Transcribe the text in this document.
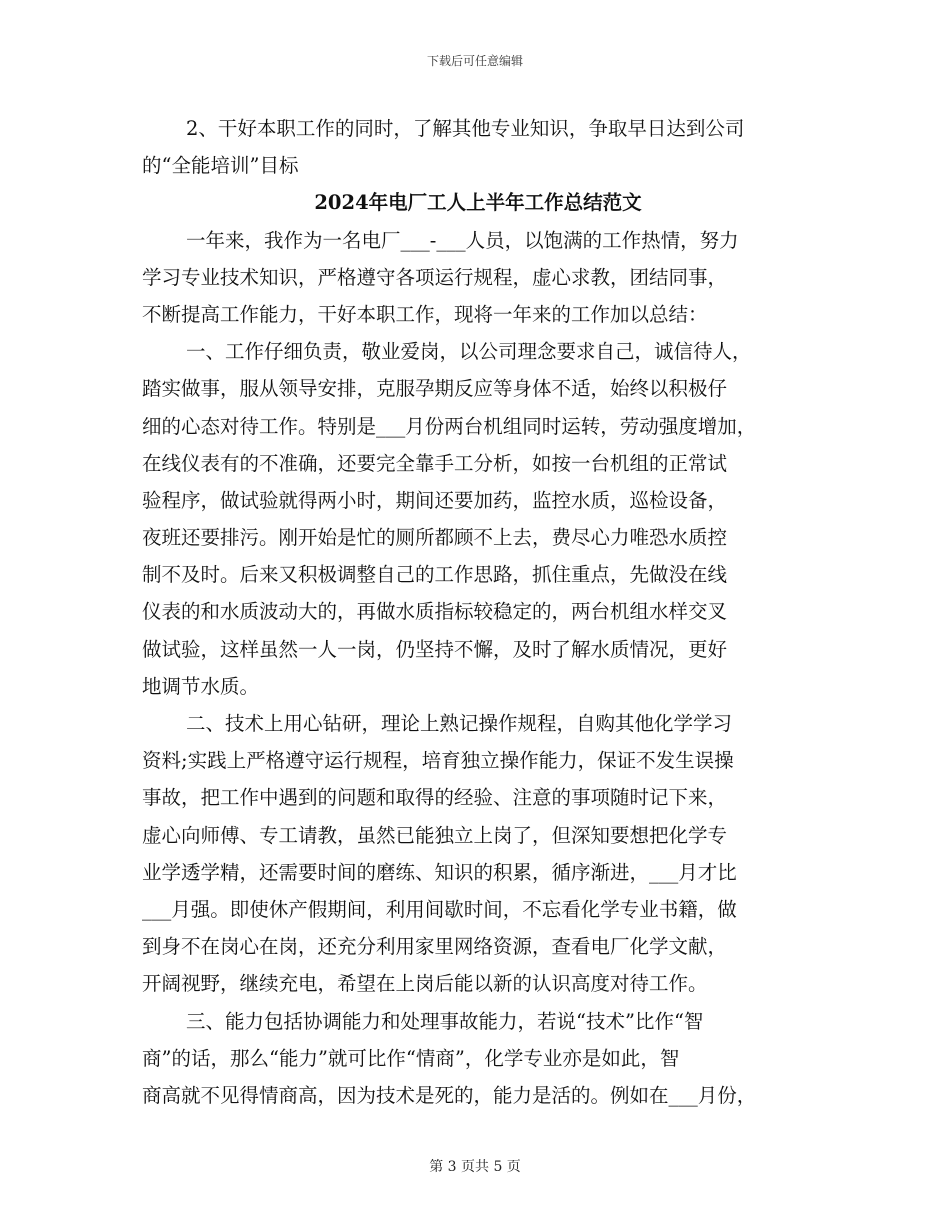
下载后可任意编辑
2、干好本职工作的同时，了解其他专业知识，争取早日达到公司
的“全能培训”目标
2024年电厂工人上半年工作总结范文
一年来，我作为一名电厂___-___人员，以饱满的工作热情，努力
学习专业技术知识，严格遵守各项运行规程，虚心求教，团结同事，
不断提高工作能力，干好本职工作，现将一年来的工作加以总结：
一、工作仔细负责，敬业爱岗，以公司理念要求自己，诚信待人，
踏实做事，服从领导安排，克服孕期反应等身体不适，始终以积极仔
细的心态对待工作。特别是___月份两台机组同时运转，劳动强度增加，
在线仪表有的不准确，还要完全靠手工分析，如按一台机组的正常试
验程序，做试验就得两小时，期间还要加药，监控水质，巡检设备，
夜班还要排污。刚开始是忙的厕所都顾不上去，费尽心力唯恐水质控
制不及时。后来又积极调整自己的工作思路，抓住重点，先做没在线
仪表的和水质波动大的，再做水质指标较稳定的，两台机组水样交叉
做试验，这样虽然一人一岗，仍坚持不懈，及时了解水质情况，更好
地调节水质。
二、技术上用心钻研，理论上熟记操作规程，自购其他化学学习
资料;实践上严格遵守运行规程，培育独立操作能力，保证不发生误操
事故，把工作中遇到的问题和取得的经验、注意的事项随时记下来，
虚心向师傅、专工请教，虽然已能独立上岗了，但深知要想把化学专
业学透学精，还需要时间的磨练、知识的积累，循序渐进，___月才比
___月强。即使休产假期间，利用间歇时间，不忘看化学专业书籍，做
到身不在岗心在岗，还充分利用家里网络资源，查看电厂化学文献，
开阔视野，继续充电，希望在上岗后能以新的认识高度对待工作。
三、能力包括协调能力和处理事故能力，若说“技术”比作“智
商”的话，那么“能力”就可比作“情商”，化学专业亦是如此，智
商高就不见得情商高，因为技术是死的，能力是活的。例如在___月份，
第 3 页共 5 页
